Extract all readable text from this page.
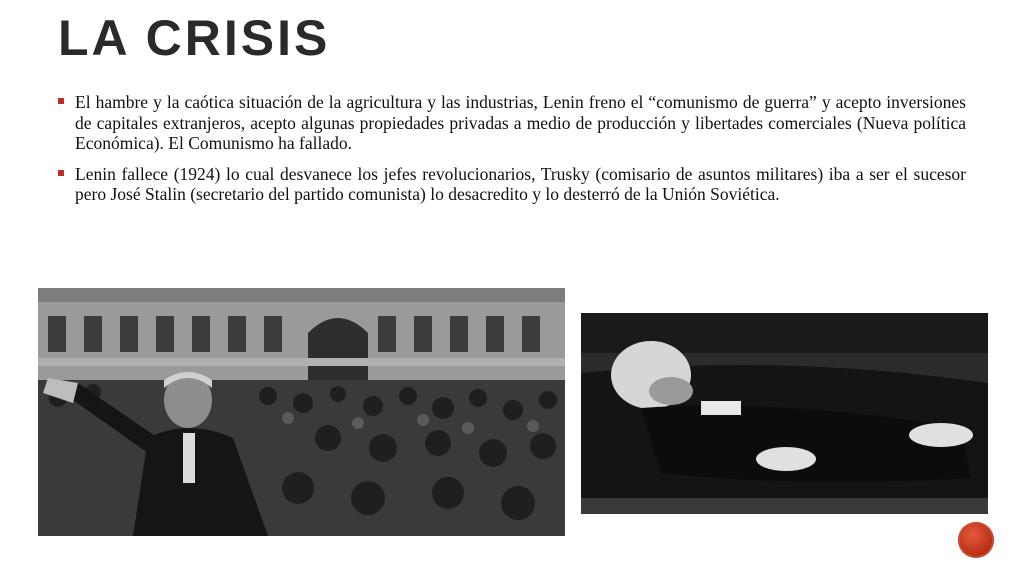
LA CRISIS
El hambre y la caótica situación de la agricultura y las industrias, Lenin freno el “comunismo de guerra” y acepto inversiones de capitales extranjeros, acepto algunas propiedades privadas a medio de producción y libertades comerciales (Nueva política Económica). El Comunismo ha fallado.
Lenin fallece (1924) lo cual desvanece los jefes revolucionarios, Trusky (comisario de asuntos militares) iba a ser el sucesor pero José Stalin (secretario del partido comunista) lo desacredito y lo desterró de la Unión Soviética.
